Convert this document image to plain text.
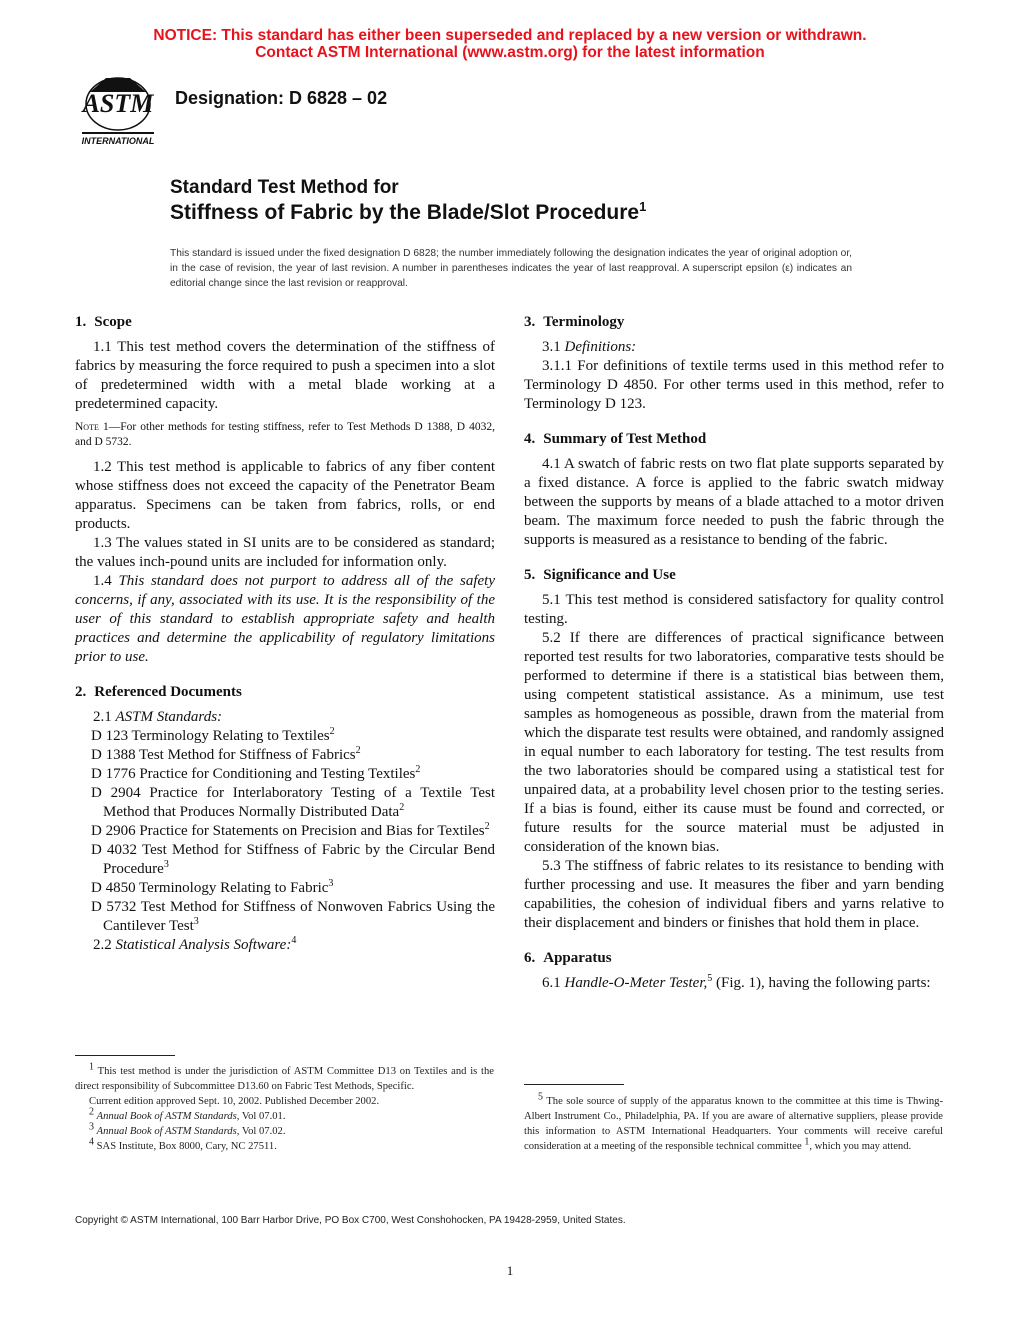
NOTICE: This standard has either been superseded and replaced by a new version or withdrawn.
Contact ASTM International (www.astm.org) for the latest information
ASTM
INTERNATIONAL
Designation: D 6828 – 02
Standard Test Method for
Stiffness of Fabric by the Blade/Slot Procedure$^1$
This standard is issued under the fixed designation D 6828; the number immediately following the designation indicates the year of original adoption or, in the case of revision, the year of last revision. A number in parentheses indicates the year of last reapproval. A superscript epsilon (ε) indicates an editorial change since the last revision or reapproval.
1. Scope

1.1 This test method covers the determination of the stiffness of fabrics by measuring the force required to push a specimen into a slot of predetermined width with a metal blade working at a predetermined capacity.

Note 1—For other methods for testing stiffness, refer to Test Methods D 1388, D 4032, and D 5732.

1.2 This test method is applicable to fabrics of any fiber content whose stiffness does not exceed the capacity of the Penetrator Beam apparatus. Specimens can be taken from fabrics, rolls, or end products.

1.3 The values stated in SI units are to be considered as standard; the values inch-pound units are included for information only.

1.4 This standard does not purport to address all of the safety concerns, if any, associated with its use. It is the responsibility of the user of this standard to establish appropriate safety and health practices and determine the applicability of regulatory limitations prior to use.

2. Referenced Documents

2.1 ASTM Standards:

D 123 Terminology Relating to Textiles$^2$

D 1388 Test Method for Stiffness of Fabrics$^2$

D 1776 Practice for Conditioning and Testing Textiles$^2$

D 2904 Practice for Interlaboratory Testing of a Textile Test Method that Produces Normally Distributed Data$^2$

D 2906 Practice for Statements on Precision and Bias for Textiles$^2$

D 4032 Test Method for Stiffness of Fabric by the Circular Bend Procedure$^3$

D 4850 Terminology Relating to Fabric$^3$

D 5732 Test Method for Stiffness of Nonwoven Fabrics Using the Cantilever Test$^3$

2.2 Statistical Analysis Software:$^4$

3. Terminology

3.1 Definitions:

3.1.1 For definitions of textile terms used in this method refer to Terminology D 4850. For other terms used in this method, refer to Terminology D 123.

4. Summary of Test Method

4.1 A swatch of fabric rests on two flat plate supports separated by a fixed distance. A force is applied to the fabric swatch midway between the supports by means of a blade attached to a motor driven beam. The maximum force needed to push the fabric through the supports is measured as a resistance to bending of the fabric.

5. Significance and Use

5.1 This test method is considered satisfactory for quality control testing.

5.2 If there are differences of practical significance between reported test results for two laboratories, comparative tests should be performed to determine if there is a statistical bias between them, using competent statistical assistance. As a minimum, use test samples as homogeneous as possible, drawn from the material from which the disparate test results were obtained, and randomly assigned in equal number to each laboratory for testing. The test results from the two laboratories should be compared using a statistical test for unpaired data, at a probability level chosen prior to the testing series. If a bias is found, either its cause must be found and corrected, or future results for the source material must be adjusted in consideration of the known bias.

5.3 The stiffness of fabric relates to its resistance to bending with further processing and use. It measures the fiber and yarn bending capabilities, the cohesion of individual fibers and yarns relative to their displacement and binders or finishes that hold them in place.

6. Apparatus

6.1 Handle-O-Meter Tester,$^5$ (Fig. 1), having the following parts:

$^1$ This test method is under the jurisdiction of ASTM Committee D13 on Textiles and is the direct responsibility of Subcommittee D13.60 on Fabric Test Methods, Specific.

Current edition approved Sept. 10, 2002. Published December 2002.

$^2$ Annual Book of ASTM Standards, Vol 07.01.

$^3$ Annual Book of ASTM Standards, Vol 07.02.

$^4$ SAS Institute, Box 8000, Cary, NC 27511.

$^5$ The sole source of supply of the apparatus known to the committee at this time is Thwing-Albert Instrument Co., Philadelphia, PA. If you are aware of alternative suppliers, please provide this information to ASTM International Headquarters. Your comments will receive careful consideration at a meeting of the responsible technical committee $^1$, which you may attend.

Copyright © ASTM International, 100 Barr Harbor Drive, PO Box C700, West Conshohocken, PA 19428-2959, United States.
1
